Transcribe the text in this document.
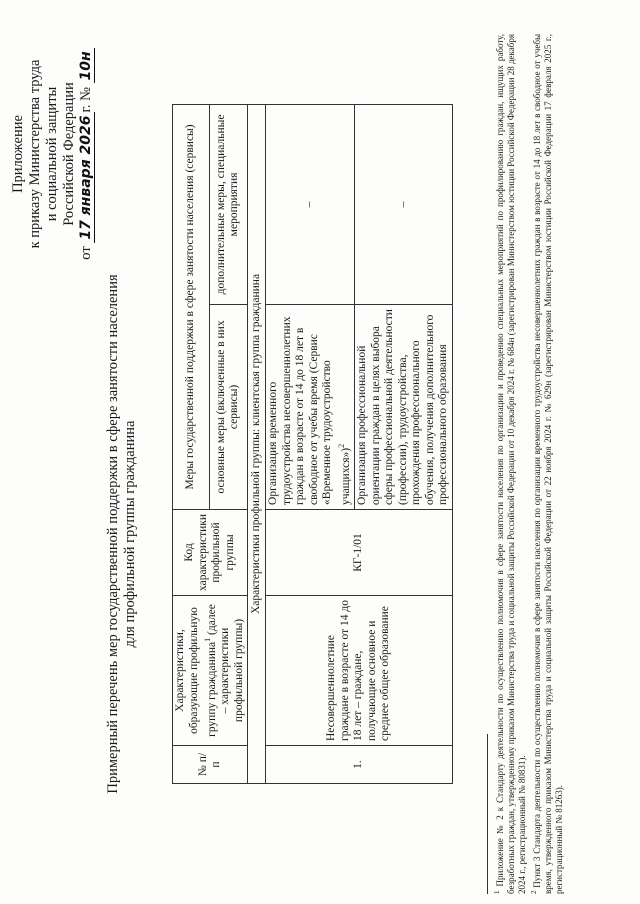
Приложение к приказу Министерства труда и социальной защиты Российской Федерации
от 17 января 2026г. № 10н
Примерный перечень мер государственной поддержки в сфере занятости населения для профильной группы гражданина
№ п/п	Характеристики, образующие профильную группу гражданина$^1$ (далее – характеристики профильной группы)	Код характеристики профильной группы	Меры государственной поддержки в сфере занятости населения (сервисы)	
			основные меры (включенные в них сервисы)	дополнительные меры, специальные мероприятия
Характеристики профильной группы: клиентская группа гражданина				
1.	Несовершеннолетние граждане в возрасте от 14 до 18 лет – граждане, получающие основное и среднее общее образование	КГ-1/01	Организация временного трудоустройства несовершеннолетних граждан в возрасте от 14 до 18 лет в свободное от учебы время (Сервис «Временное трудоустройство учащихся»)$^2$	–
			Организация профессиональной ориентации граждан в целях выбора сферы профессиональной деятельности (профессии), трудоустройства, прохождения профессионального обучения, получения дополнительного профессионального образования	–

$^1$ Приложение № 2 к Стандарту деятельности по осуществлению полномочия в сфере занятости населения по организации и проведению специальных мероприятий по профилированию граждан, ищущих работу, безработных граждан, утвержденному приказом Министерства труда и социальной защиты Российской Федерации от 10 декабря 2024 г. № 684н (зарегистрирован Министерством юстиции Российской Федерации 28 декабря 2024 г., регистрационный № 80831). $^2$ Пункт 3 Стандарта деятельности по осуществлению полномочия в сфере занятости населения по организации временного трудоустройства несовершеннолетних граждан в возрасте от 14 до 18 лет в свободное от учебы время, утвержденного приказом Министерства труда и социальной защиты Российской Федерации от 22 ноября 2024 г. № 629н (зарегистрирован Министерством юстиции Российской Федерации 17 февраля 2025 г., регистрационный № 81263).
